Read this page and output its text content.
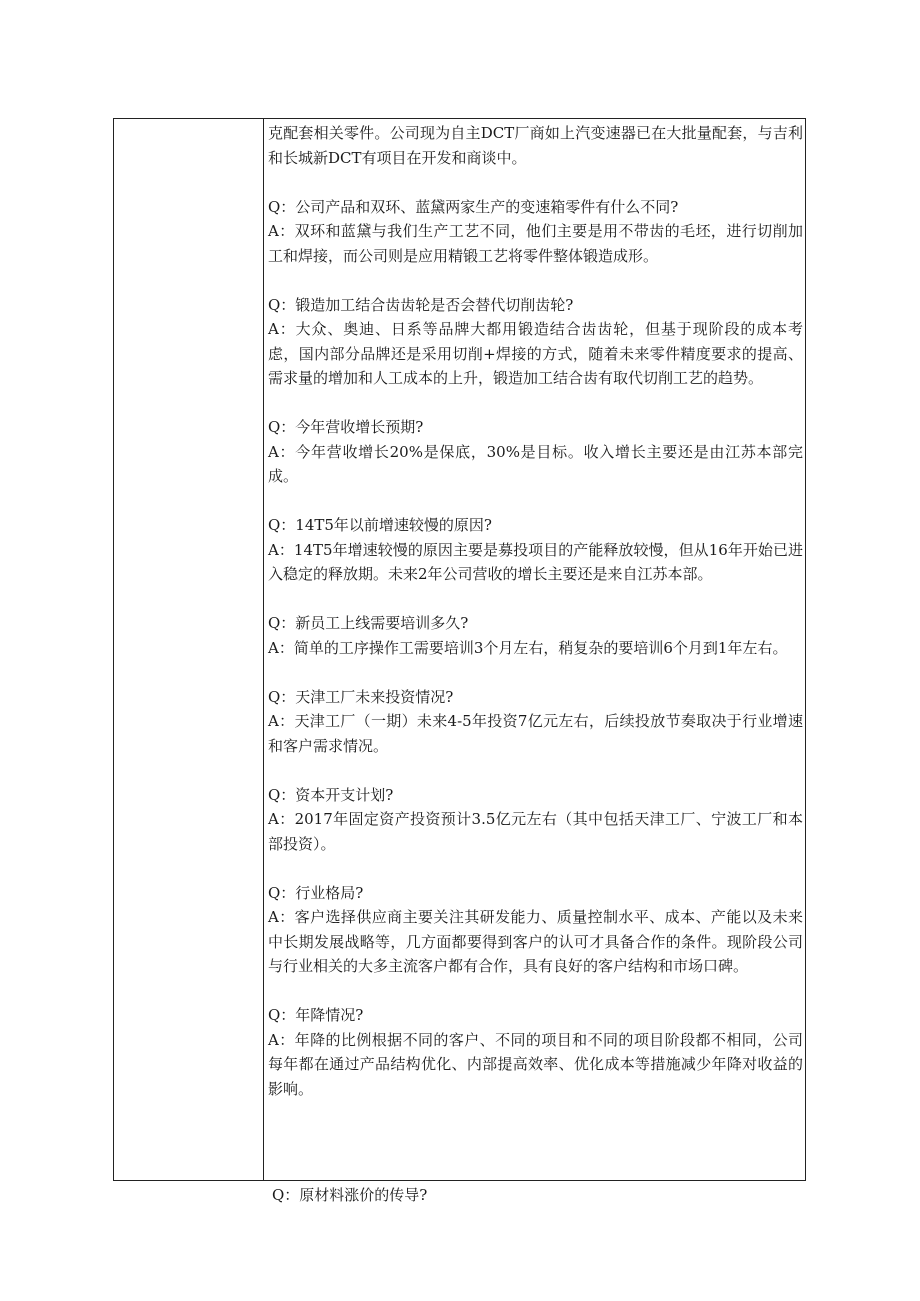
克配套相关零件。公司现为自主DCT厂商如上汽变速器已在大批量配套，与吉利和长城新DCT有项目在开发和商谈中。

Q：公司产品和双环、蓝黛两家生产的变速箱零件有什么不同?

A：双环和蓝黛与我们生产工艺不同，他们主要是用不带齿的毛坯，进行切削加工和焊接，而公司则是应用精锻工艺将零件整体锻造成形。

Q：锻造加工结合齿齿轮是否会替代切削齿轮?

A：大众、奥迪、日系等品牌大都用锻造结合齿齿轮，但基于现阶段的成本考虑，国内部分品牌还是采用切削+焊接的方式，随着未来零件精度要求的提高、需求量的增加和人工成本的上升，锻造加工结合齿有取代切削工艺的趋势。

Q：今年营收增长预期?

A：今年营收增长20%是保底，30%是目标。收入增长主要还是由江苏本部完成。

Q：14T5年以前增速较慢的原因?

A：14T5年增速较慢的原因主要是募投项目的产能释放较慢，但从16年开始已进入稳定的释放期。未来2年公司营收的增长主要还是来自江苏本部。

Q：新员工上线需要培训多久?

A：简单的工序操作工需要培训3个月左右，稍复杂的要培训6个月到1年左右。

Q：天津工厂未来投资情况?

A：天津工厂（一期）未来4-5年投资7亿元左右，后续投放节奏取决于行业增速和客户需求情况。

Q：资本开支计划?

A：2017年固定资产投资预计3.5亿元左右（其中包括天津工厂、宁波工厂和本部投资）。

Q：行业格局?

A：客户选择供应商主要关注其研发能力、质量控制水平、成本、产能以及未来中长期发展战略等，几方面都要得到客户的认可才具备合作的条件。现阶段公司与行业相关的大多主流客户都有合作，具有良好的客户结构和市场口碑。

Q：年降情况?

A：年降的比例根据不同的客户、不同的项目和不同的项目阶段都不相同，公司每年都在通过产品结构优化、内部提高效率、优化成本等措施减少年降对收益的影响。

Q：原材料涨价的传导?
